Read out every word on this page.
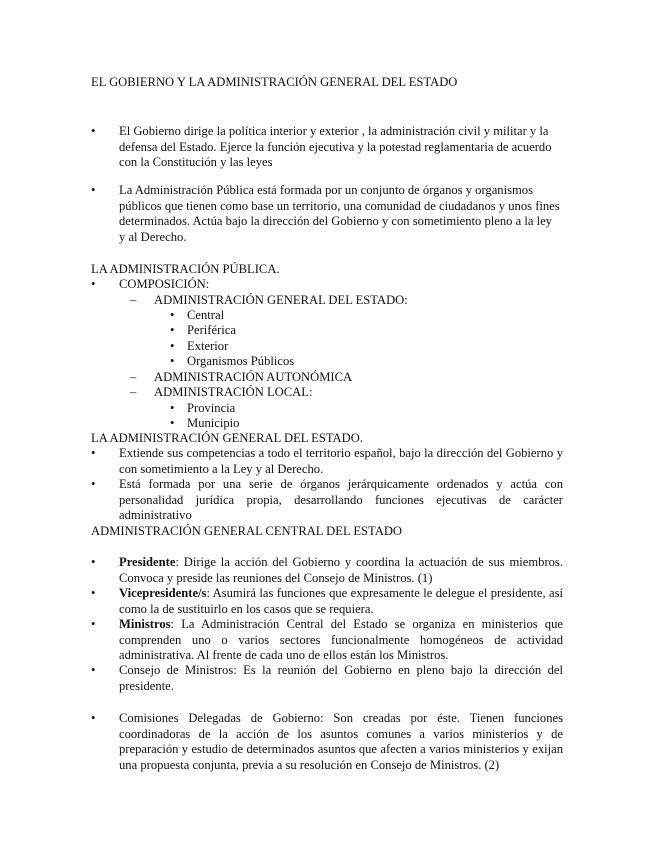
EL GOBIERNO Y LA ADMINISTRACIÓN GENERAL DEL ESTADO
•	El Gobierno dirige la política interior y exterior , la administración civil y militar y la defensa del Estado. Ejerce la función ejecutiva y la potestad reglamentaria de acuerdo con la Constitución y las leyes
•	La Administración Pública está formada por un conjunto de órganos y organismos públicos que tienen como base un territorio, una comunidad de ciudadanos y unos fines determinados. Actúa bajo la dirección del Gobierno y con sometimiento pleno a la ley y al Derecho.
LA ADMINISTRACIÓN PÚBLICA.
•	COMPOSICIÓN:
–	ADMINISTRACIÓN GENERAL DEL ESTADO:
• Central
• Periférica
• Exterior
• Organismos Públicos
–	ADMINISTRACIÓN AUTONÓMICA
–	ADMINISTRACIÓN LOCAL:
• Provincia
• Municipio
LA ADMINISTRACIÓN GENERAL DEL ESTADO.
•	Extiende sus competencias a todo el territorio español, bajo la dirección del Gobierno y con sometimiento a la Ley y al Derecho.
•	Está formada por una serie de órganos jerárquicamente ordenados y actúa con personalidad jurídica propia, desarrollando funciones ejecutivas de carácter administrativo
ADMINISTRACIÓN GENERAL CENTRAL DEL ESTADO
•	Presidente: Dirige la acción del Gobierno y coordina la actuación de sus miembros. Convoca y preside las reuniones del Consejo de Ministros. (1)
•	Vicepresidente/s: Asumirá las funciones que expresamente le delegue el presidente, así como la de sustituirlo en los casos que se requiera.
•	Ministros: La Administración Central del Estado se organiza en ministerios que comprenden uno o varios sectores funcionalmente homogéneos de actividad administrativa. Al frente de cada uno de ellos están los Ministros.
•	Consejo de Ministros: Es la reunión del Gobierno en pleno bajo la dirección del presidente.
•	Comisiones Delegadas de Gobierno: Son creadas por éste. Tienen funciones coordinadoras de la acción de los asuntos comunes a varios ministerios y de preparación y estudio de determinados asuntos que afecten a varios ministerios y exijan una propuesta conjunta, previa a su resolución en Consejo de Ministros. (2)
